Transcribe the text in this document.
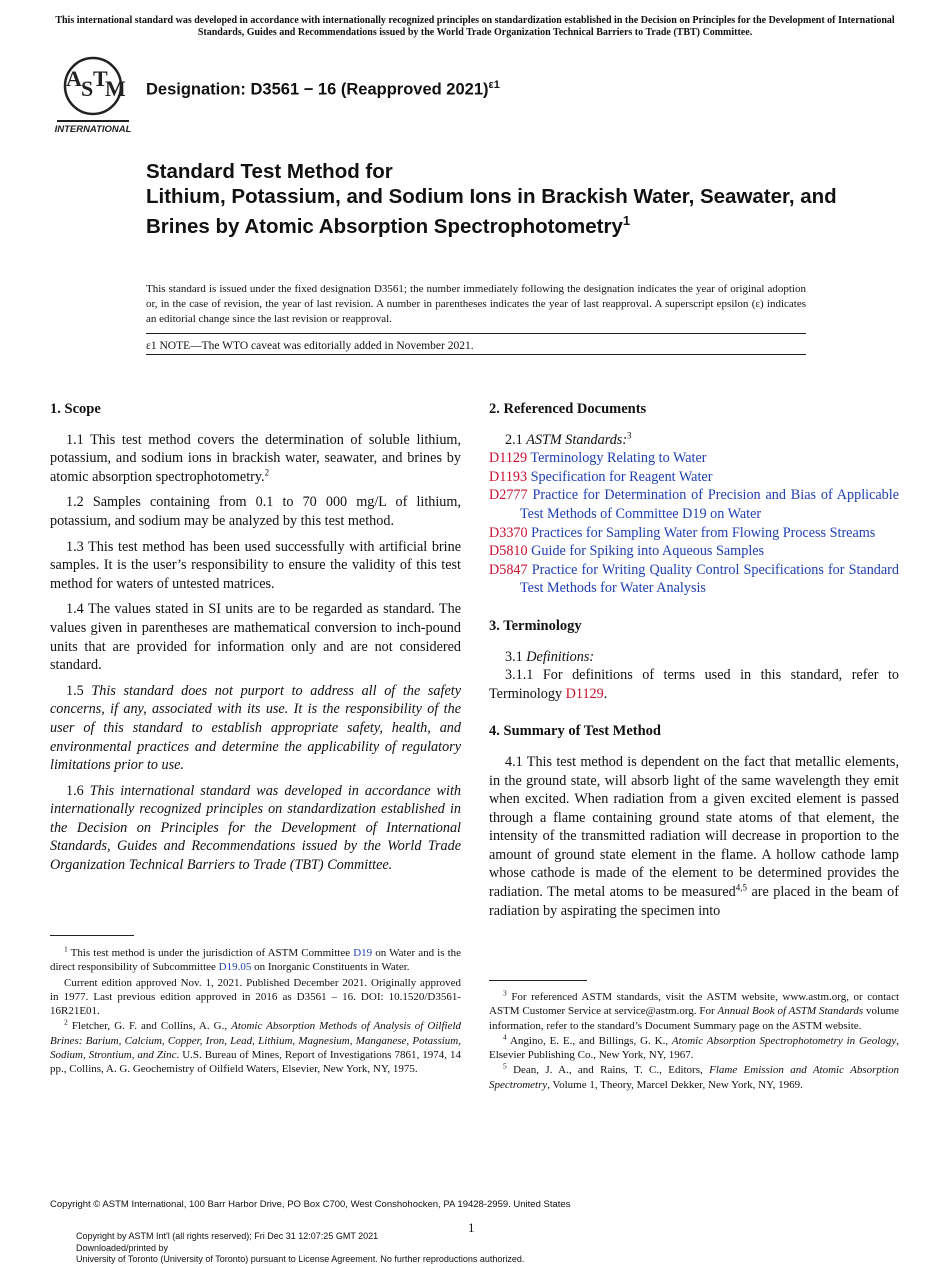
This international standard was developed in accordance with internationally recognized principles on standardization established in the Decision on Principles for the Development of International Standards, Guides and Recommendations issued by the World Trade Organization Technical Barriers to Trade (TBT) Committee.
A S T
M
INTERNATIONAL
Designation: D3561 − 16 (Reapproved 2021)$^{\varepsilon 1}$
Standard Test Method for
Lithium, Potassium, and Sodium Ions in Brackish Water, Seawater, and Brines by Atomic Absorption Spectrophotometry$^1$
This standard is issued under the fixed designation D3561; the number immediately following the designation indicates the year of original adoption or, in the case of revision, the year of last revision. A number in parentheses indicates the year of last reapproval. A superscript epsilon (ε) indicates an editorial change since the last revision or reapproval.
ε1 NOTE—The WTO caveat was editorially added in November 2021.
1. Scope

1.1 This test method covers the determination of soluble lithium, potassium, and sodium ions in brackish water, seawater, and brines by atomic absorption spectrophotometry.$^2$

1.2 Samples containing from 0.1 to 70 000 mg/L of lithium, potassium, and sodium may be analyzed by this test method.

1.3 This test method has been used successfully with artificial brine samples. It is the user’s responsibility to ensure the validity of this test method for waters of untested matrices.

1.4 The values stated in SI units are to be regarded as standard. The values given in parentheses are mathematical conversion to inch-pound units that are provided for information only and are not considered standard.

1.5 This standard does not purport to address all of the safety concerns, if any, associated with its use. It is the responsibility of the user of this standard to establish appropriate safety, health, and environmental practices and determine the applicability of regulatory limitations prior to use.

1.6 This international standard was developed in accordance with internationally recognized principles on standardization established in the Decision on Principles for the Development of International Standards, Guides and Recommendations issued by the World Trade Organization Technical Barriers to Trade (TBT) Committee.

2. Referenced Documents

2.1 ASTM Standards:$^3$

D1129 Terminology Relating to Water

D1193 Specification for Reagent Water

D2777 Practice for Determination of Precision and Bias of Applicable Test Methods of Committee D19 on Water

D3370 Practices for Sampling Water from Flowing Process Streams

D5810 Guide for Spiking into Aqueous Samples

D5847 Practice for Writing Quality Control Specifications for Standard Test Methods for Water Analysis

3. Terminology

3.1 Definitions:

3.1.1 For definitions of terms used in this standard, refer to Terminology D1129.

4. Summary of Test Method

4.1 This test method is dependent on the fact that metallic elements, in the ground state, will absorb light of the same wavelength they emit when excited. When radiation from a given excited element is passed through a flame containing ground state atoms of that element, the intensity of the transmitted radiation will decrease in proportion to the amount of ground state element in the flame. A hollow cathode lamp whose cathode is made of the element to be determined provides the radiation. The metal atoms to be measured$^{4,5}$ are placed in the beam of radiation by aspirating the specimen into

$^1$ This test method is under the jurisdiction of ASTM Committee D19 on Water and is the direct responsibility of Subcommittee D19.05 on Inorganic Constituents in Water.

Current edition approved Nov. 1, 2021. Published December 2021. Originally approved in 1977. Last previous edition approved in 2016 as D3561 – 16. DOI: 10.1520/D3561-16R21E01.

$^2$ Fletcher, G. F. and Collins, A. G., Atomic Absorption Methods of Analysis of Oilfield Brines: Barium, Calcium, Copper, Iron, Lead, Lithium, Magnesium, Manganese, Potassium, Sodium, Strontium, and Zinc. U.S. Bureau of Mines, Report of Investigations 7861, 1974, 14 pp., Collins, A. G. Geochemistry of Oilfield Waters, Elsevier, New York, NY, 1975.

$^3$ For referenced ASTM standards, visit the ASTM website, www.astm.org, or contact ASTM Customer Service at service@astm.org. For Annual Book of ASTM Standards volume information, refer to the standard’s Document Summary page on the ASTM website.

$^4$ Angino, E. E., and Billings, G. K., Atomic Absorption Spectrophotometry in Geology, Elsevier Publishing Co., New York, NY, 1967.

$^5$ Dean, J. A., and Rains, T. C., Editors, Flame Emission and Atomic Absorption Spectrometry, Volume 1, Theory, Marcel Dekker, New York, NY, 1969.

Copyright © ASTM International, 100 Barr Harbor Drive, PO Box C700, West Conshohocken, PA 19428-2959. United States
1
Copyright by ASTM Int'l (all rights reserved); Fri Dec 31 12:07:25 GMT 2021
Downloaded/printed by
University of Toronto (University of Toronto) pursuant to License Agreement. No further reproductions authorized.
